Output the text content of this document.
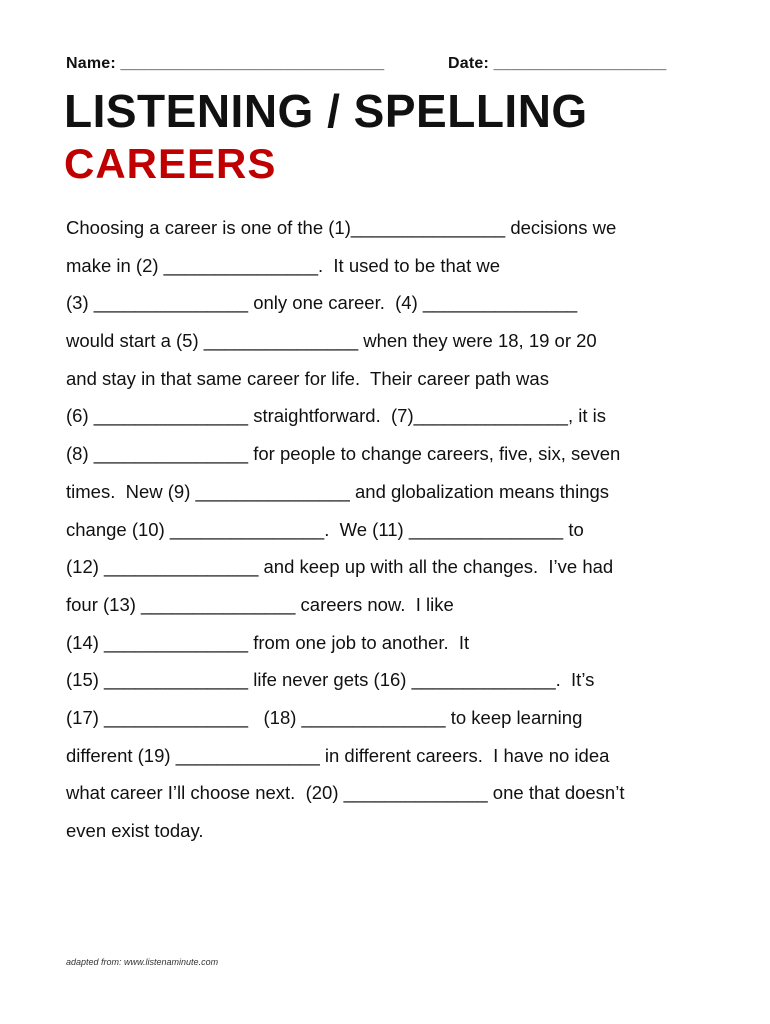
Name: _____________________________	Date: ___________________
LISTENING / SPELLING
CAREERS
Choosing a career is one of the (1)_______________ decisions we
make in (2) _______________.  It used to be that we
(3) _______________ only one career.  (4) _______________
would start a (5) _______________ when they were 18, 19 or 20
and stay in that same career for life.  Their career path was
(6) _______________ straightforward.  (7)_______________, it is
(8) _______________ for people to change careers, five, six, seven
times.  New (9) _______________ and globalization means things
change (10) _______________.  We (11) _______________ to
(12) _______________ and keep up with all the changes.  I’ve had
four (13) _______________ careers now.  I like
(14) ______________ from one job to another.  It
(15) ______________ life never gets (16) ______________.  It’s
(17) ______________   (18) ______________ to keep learning
different (19) ______________ in different careers.  I have no idea
what career I’ll choose next.  (20) ______________ one that doesn’t
even exist today.
adapted from: www.listenaminute.com
